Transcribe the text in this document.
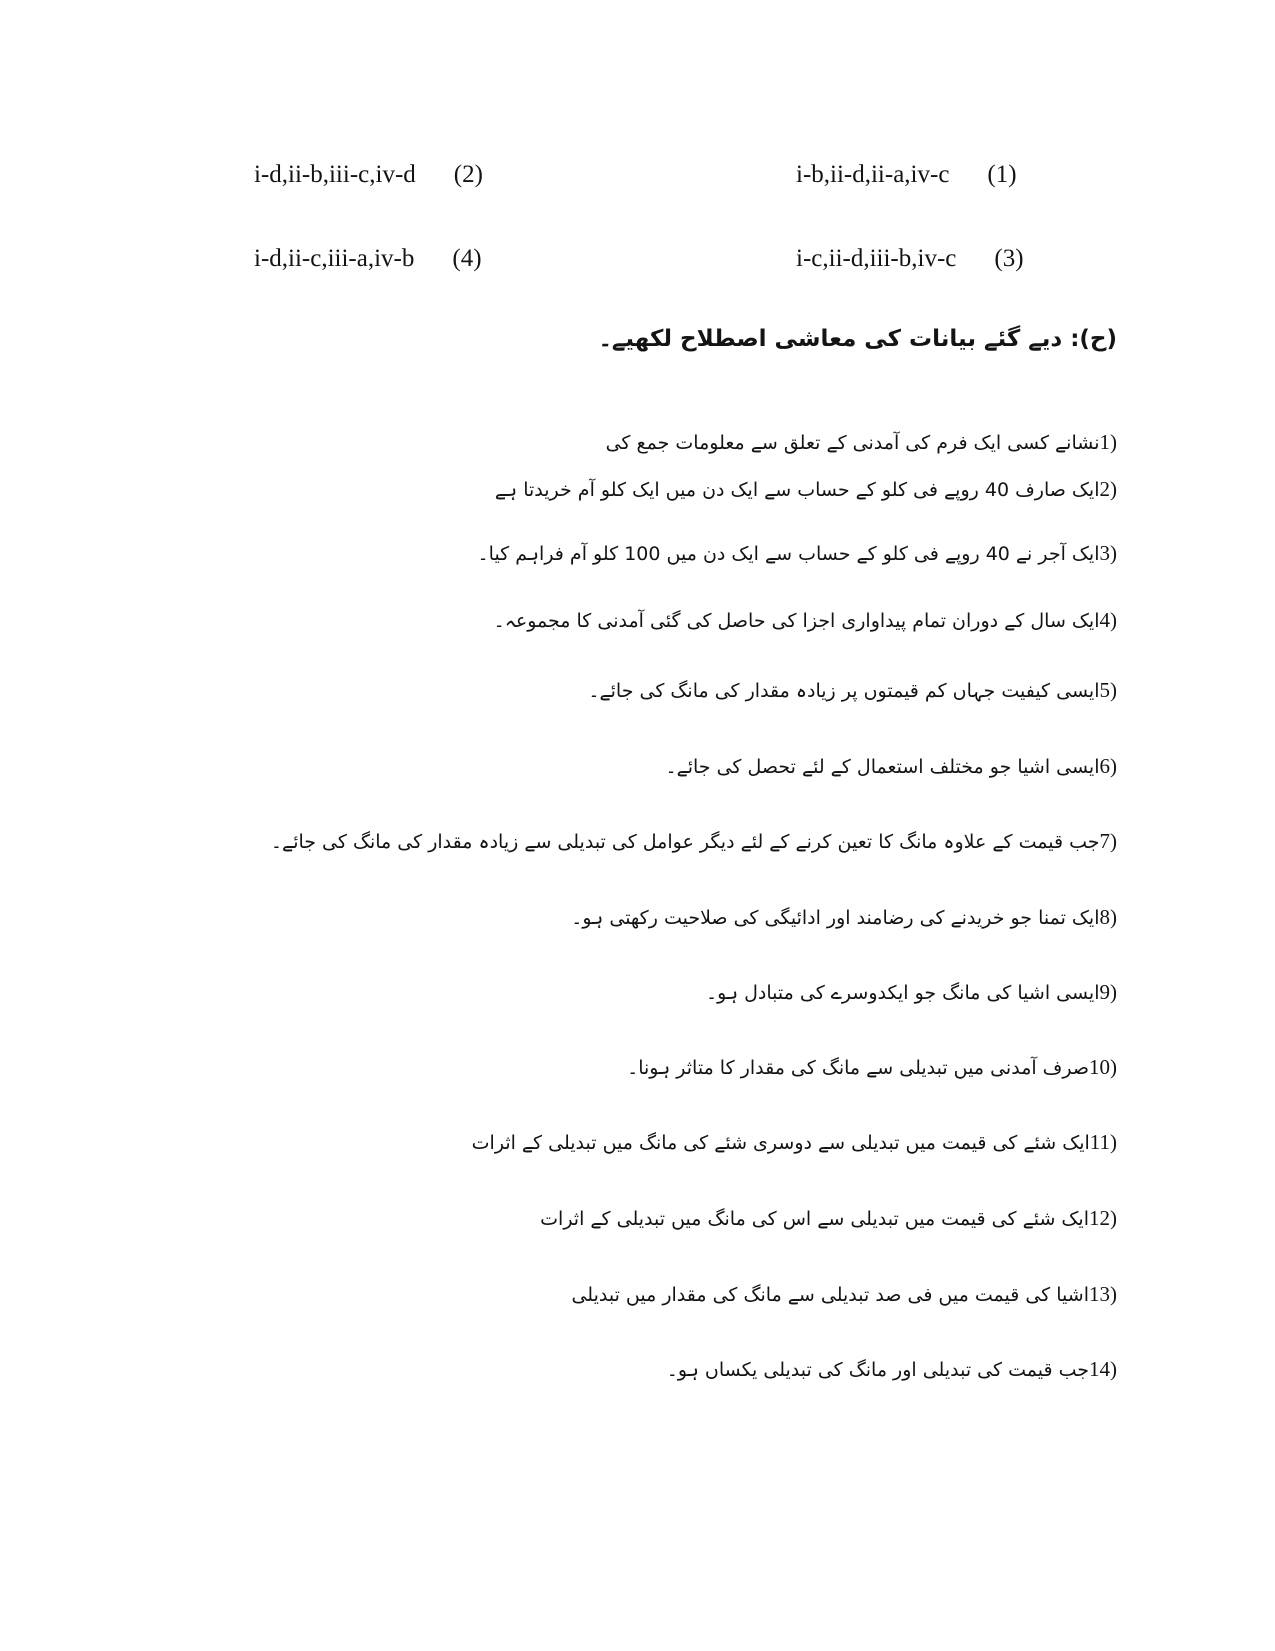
i-b,ii-d,ii-a,iv-c (1)
i-d,ii-b,iii-c,iv-d (2)
i-c,ii-d,iii-b,iv-c (3)
i-d,ii-c,iii-a,iv-b (4)
(ح): دیے گئے بیانات کی معاشی اصطلاح لکھیے۔
1)نشانے کسی ایک فرم کی آمدنی کے تعلق سے معلومات جمع کی
2)ایک صارف 40 روپے فی کلو کے حساب سے ایک دن میں ایک کلو آم خریدتا ہے
3)ایک آجر نے 40 روپے فی کلو کے حساب سے ایک دن میں 100 کلو آم فراہم کیا۔
4)ایک سال کے دوران تمام پیداواری اجزا کی حاصل کی گئی آمدنی کا مجموعہ۔
5)ایسی کیفیت جہاں کم قیمتوں پر زیادہ مقدار کی مانگ کی جائے۔
6)ایسی اشیا جو مختلف استعمال کے لئے تحصل کی جائے۔
7)جب قیمت کے علاوہ مانگ کا تعین کرنے کے لئے دیگر عوامل کی تبدیلی سے زیادہ مقدار کی مانگ کی جائے۔
8)ایک تمنا جو خریدنے کی رضامند اور ادائیگی کی صلاحیت رکھتی ہو۔
9)ایسی اشیا کی مانگ جو ایکدوسرے کی متبادل ہو۔
10)صرف آمدنی میں تبدیلی سے مانگ کی مقدار کا متاثر ہونا۔
11)ایک شئے کی قیمت میں تبدیلی سے دوسری شئے کی مانگ میں تبدیلی کے اثرات
12)ایک شئے کی قیمت میں تبدیلی سے اس کی مانگ میں تبدیلی کے اثرات
13)اشیا کی قیمت میں فی صد تبدیلی سے مانگ کی مقدار میں تبدیلی
14)جب قیمت کی تبدیلی اور مانگ کی تبدیلی یکساں ہو۔
